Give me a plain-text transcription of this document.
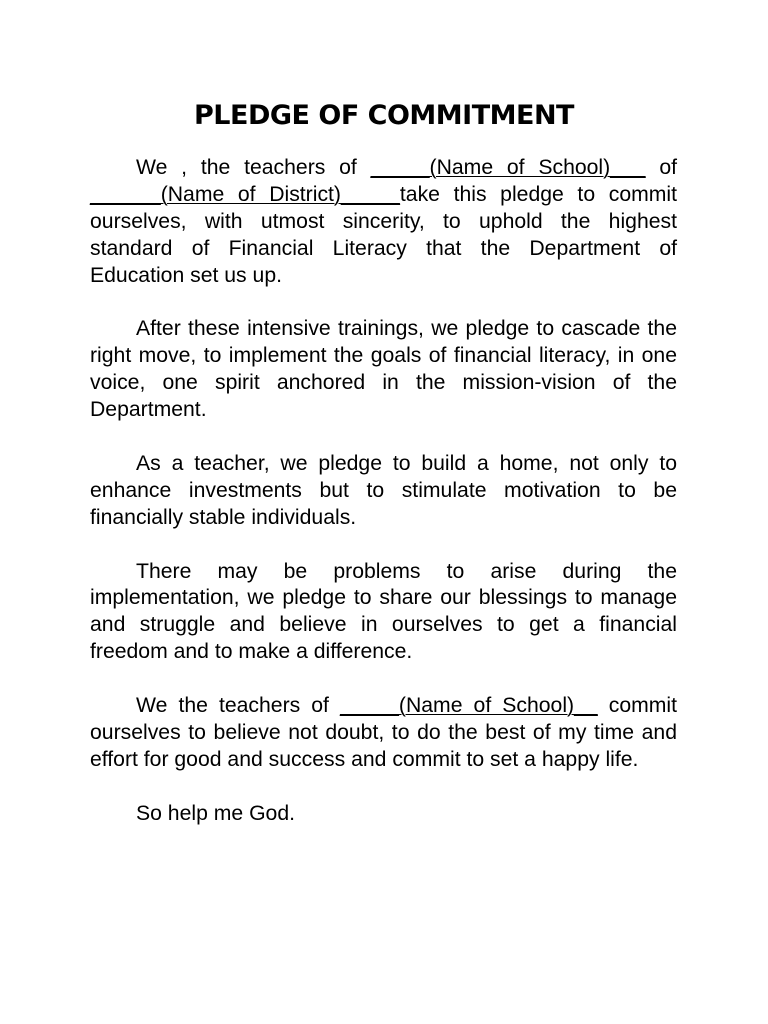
PLEDGE OF COMMITMENT

We , the teachers of _____(Name of School)___ of ______(Name of District)_____take this pledge to commit ourselves, with utmost sincerity, to uphold the highest standard of Financial Literacy that the Department of Education set us up.

After these intensive trainings, we pledge to cascade the right move, to implement the goals of financial literacy, in one voice, one spirit anchored in the mission-vision of the Department.

As a teacher, we pledge to build a home, not only to enhance investments but to stimulate motivation to be financially stable individuals.

There may be problems to arise during the implementation, we pledge to share our blessings to manage and struggle and believe in ourselves to get a financial freedom and to make a difference.

We the teachers of _____(Name of School)__ commit ourselves to believe not doubt, to do the best of my time and effort for good and success and commit to set a happy life.

So help me God.
